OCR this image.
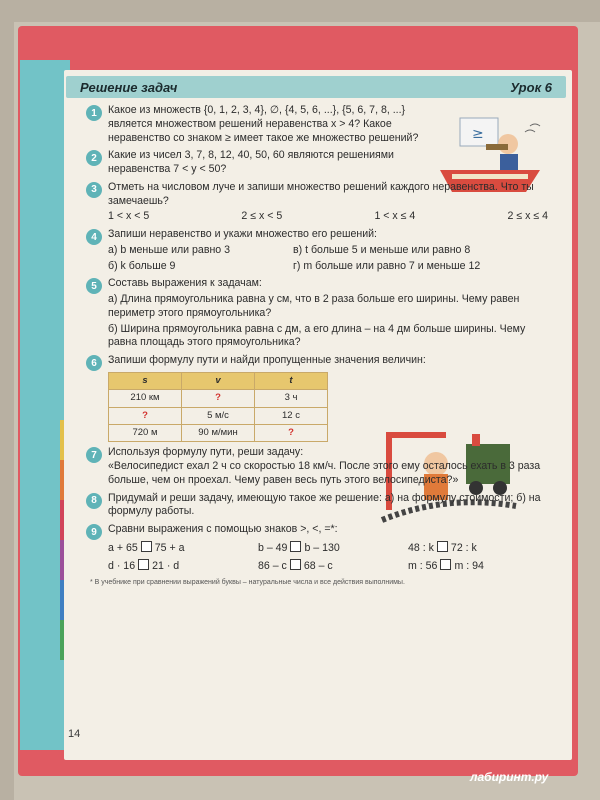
Решение задач	Урок 6
≥
1	Какое из множеств {0, 1, 2, 3, 4}, ∅, {4, 5, 6, ...}, {5, 6, 7, 8, ...} является множеством решений неравенства x > 4? Какое неравенство со знаком ≥ имеет такое же множество решений?
2	Какие из чисел 3, 7, 8, 12, 40, 50, 60 являются решениями неравенства 7 < y < 50?
3	Отметь на числовом луче и запиши множество решений каждого неравенства. Что ты замечаешь?
1 < x < 5	2 ≤ x < 5	1 < x ≤ 4	2 ≤ x ≤ 4
4	Запиши неравенство и укажи множество его решений:
а) b меньше или равно 3	в) t больше 5 и меньше или равно 8
б) k больше 9	г) m больше или равно 7 и меньше 12
5	Составь выражения к задачам:
а) Длина прямоугольника равна y см, что в 2 раза больше его ширины. Чему равен периметр этого прямоугольника?
б) Ширина прямоугольника равна c дм, а его длина – на 4 дм больше ширины. Чему равна площадь этого прямоугольника?
6	Запиши формулу пути и найди пропущенные значения величин:
s	v	t
210 км	?	3 ч
?	5 м/с	12 с
720 м	90 м/мин	?
7	Используя формулу пути, реши задачу:
«Велосипедист ехал 2 ч со скоростью 18 км/ч. После этого ему осталось ехать в 3 раза больше, чем он проехал. Чему равен весь путь этого велосипедиста?»
8	Придумай и реши задачу, имеющую такое же решение: а) на формулу стоимости; б) на формулу работы.
9	Сравни выражения с помощью знаков >, <, =*:
a + 65 75 + a	b – 49 b – 130	48 : k 72 : k
d · 16 21 · d	86 – c 68 – c	m : 56 m : 94
* В учебнике при сравнении выражений буквы – натуральные числа и все действия выполнимы.
14
лабиринт.ру
